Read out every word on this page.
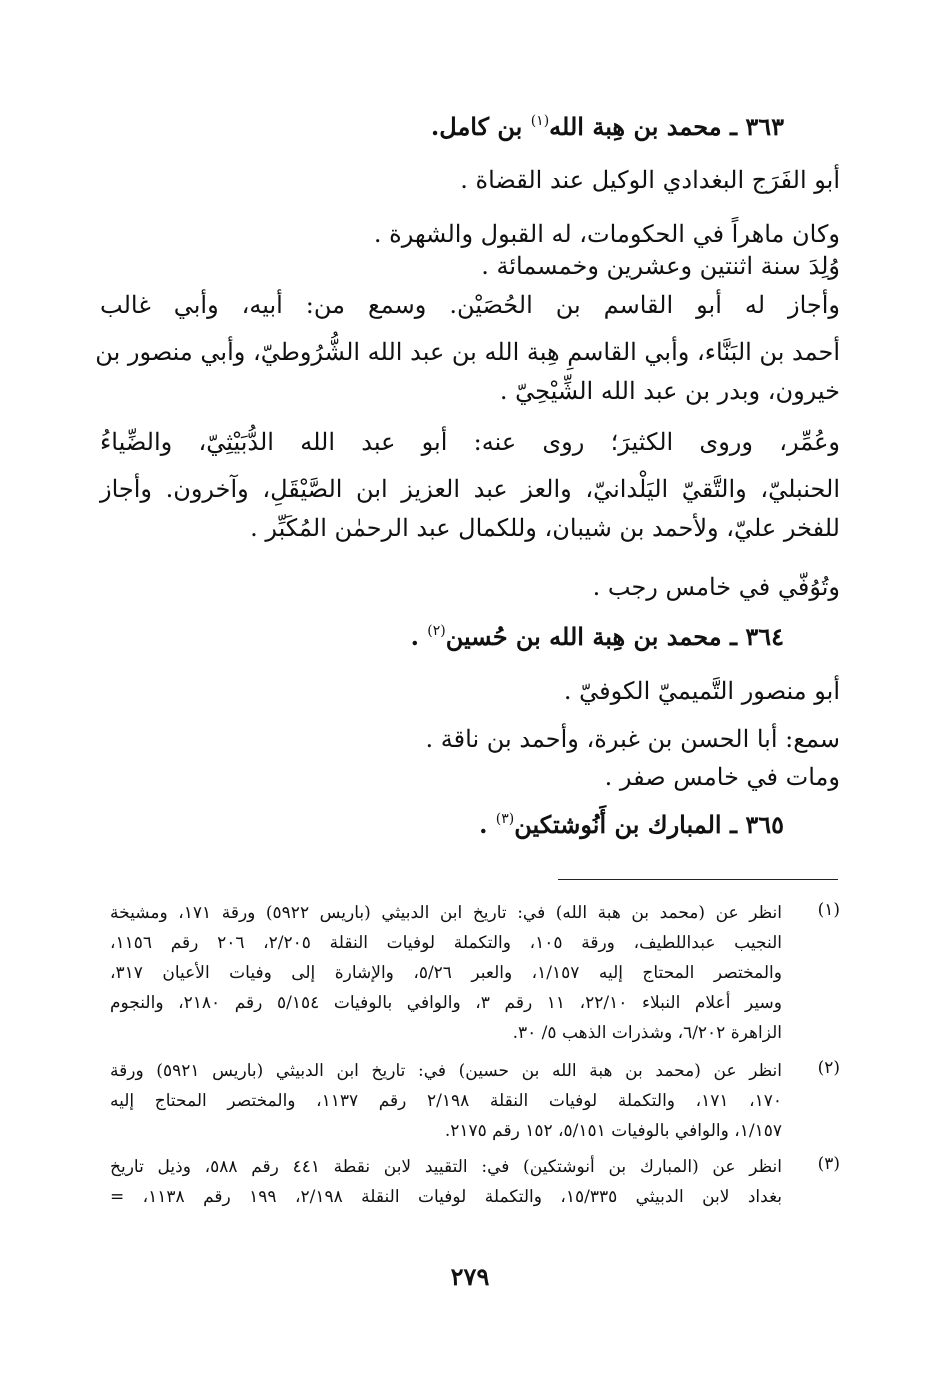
٣٦٣ ـ محمد بن هِبة الله$^{(١)}$ بن كامل.
أبو الفَرَج البغدادي الوكيل عند القضاة .
وكان ماهراً في الحكومات، له القبول والشهرة .
وُلِدَ سنة اثنتين وعشرين وخمسمائة .
وأجاز له أبو القاسم بن الحُصَيْن. وسمع من: أبيه، وأبي غالب
أحمد بن البَنَّاء، وأبي القاسمِ هِبة الله بن عبد الله الشُّرُوطيّ، وأبي منصور بن
خيرون، وبدر بن عبد الله الشِّيْحِيّ .
وعُمِّر، وروى الكثيرَ؛ روى عنه: أبو عبد الله الدُّبَيْثِيّ، والضِّياءُ
الحنبليّ، والتَّقيّ اليَلْدانيّ، والعز عبد العزيز ابن الصَّيْقَلِ، وآخرون. وأجاز
للفخر عليّ، ولأحمد بن شيبان، وللكمال عبد الرحمٰن المُكَبِّر .
وتُوُفّي في خامس رجب .
٣٦٤ ـ محمد بن هِبة الله بن حُسين$^{(٢)}$ .
أبو منصور التَّميميّ الكوفيّ .
سمع: أبا الحسن بن غبرة، وأحمد بن ناقة .
ومات في خامس صفر .
٣٦٥ ـ المبارك بن أَنُوشتكين$^{(٣)}$ .
(١)
انظر عن (محمد بن هبة الله) في: تاريخ ابن الدبيثي (باريس ٥٩٢٢) ورقة ١٧١، ومشيخة
النجيب عبداللطيف، ورقة ١٠٥، والتكملة لوفيات النقلة ٢/٢٠٥، ٢٠٦ رقم ١١٥٦،
والمختصر المحتاج إليه ١/١٥٧، والعبر ٥/٢٦، والإشارة إلى وفيات الأعيان ٣١٧،
وسير أعلام النبلاء ٢٢/١٠، ١١ رقم ٣، والوافي بالوفيات ٥/١٥٤ رقم ٢١٨٠، والنجوم
الزاهرة ٦/٢٠٢، وشذرات الذهب ٥/ ٣٠.
(٢)
انظر عن (محمد بن هبة الله بن حسين) في: تاريخ ابن الدبيثي (باريس ٥٩٢١) ورقة
١٧٠، ١٧١، والتكملة لوفيات النقلة ٢/١٩٨ رقم ١١٣٧، والمختصر المحتاج إليه
١/١٥٧، والوافي بالوفيات ٥/١٥١، ١٥٢ رقم ٢١٧٥.
(٣)
انظر عن (المبارك بن أنوشتكين) في: التقييد لابن نقطة ٤٤١ رقم ٥٨٨، وذيل تاريخ
بغداد لابن الدبيثي ١٥/٣٣٥، والتكملة لوفيات النقلة ٢/١٩٨، ١٩٩ رقم ١١٣٨، =
٢٧٩
